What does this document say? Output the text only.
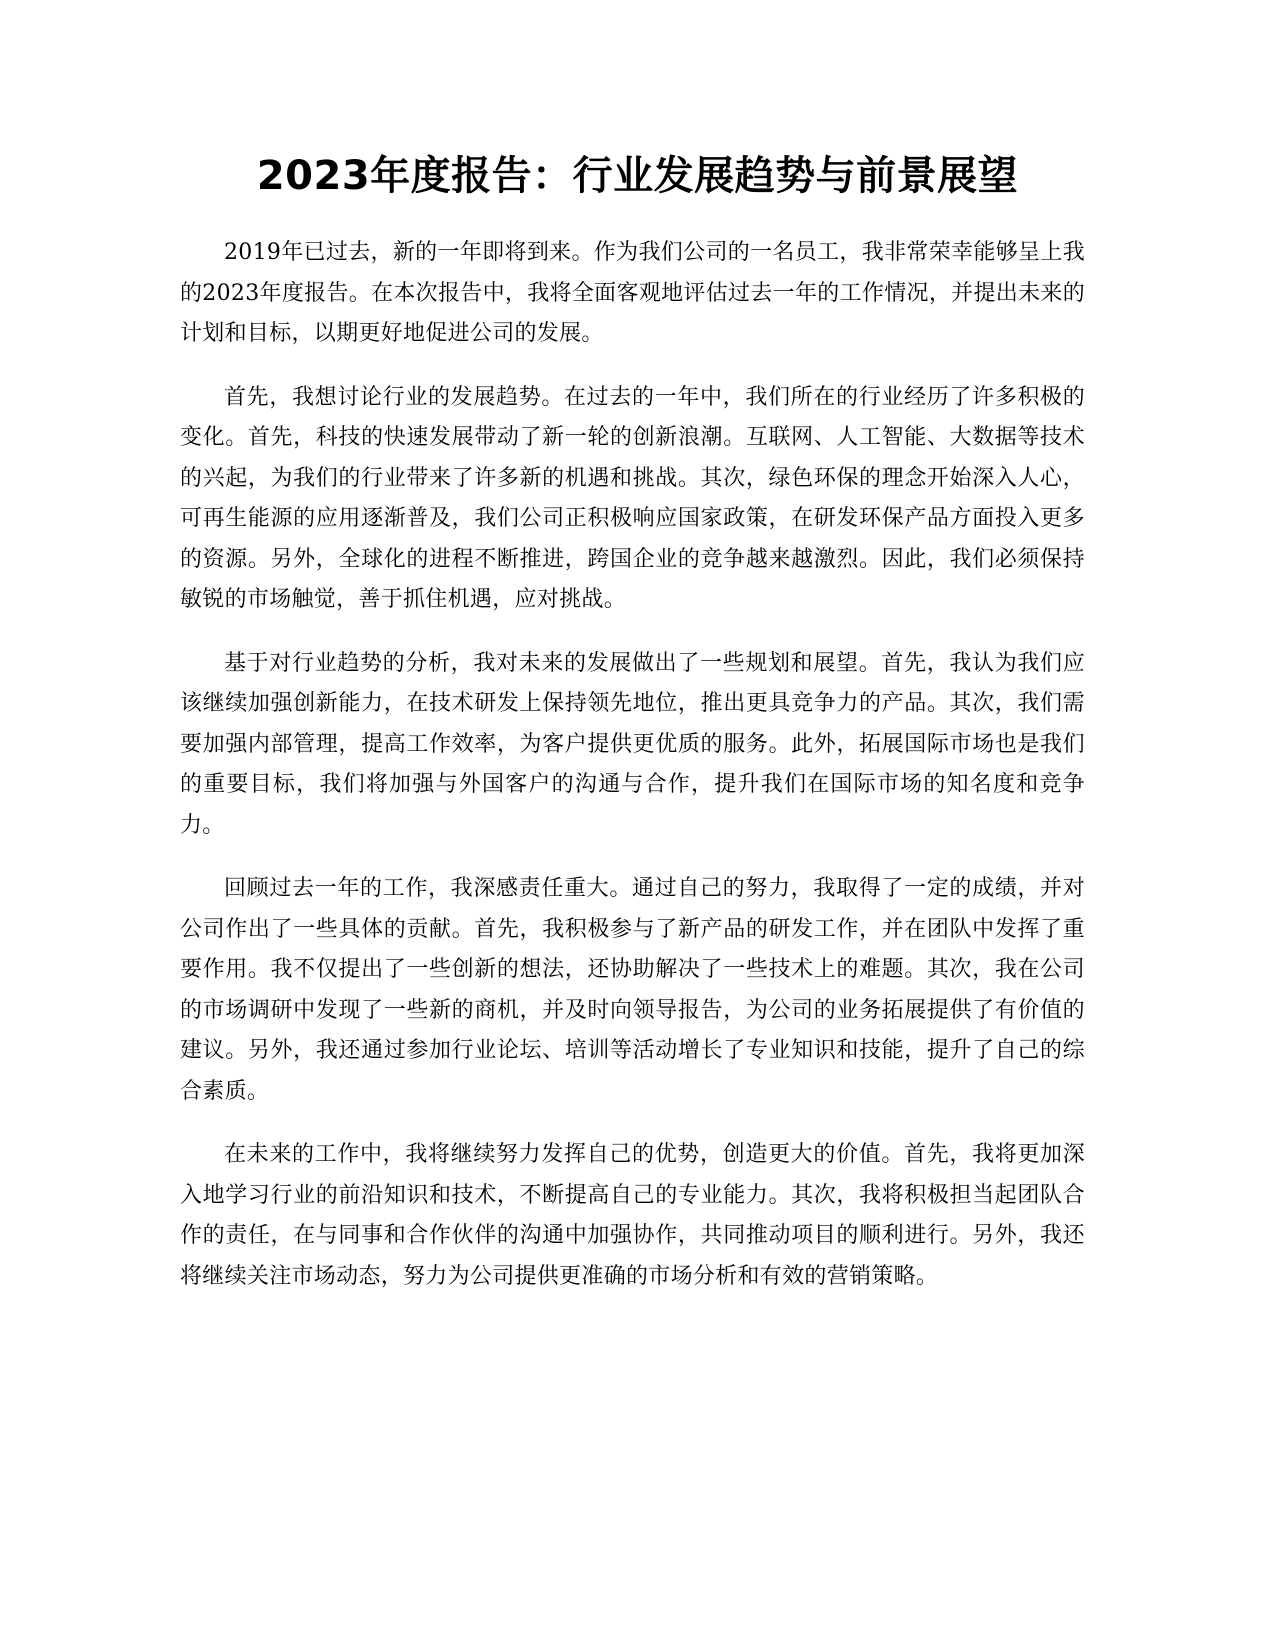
2023年度报告：行业发展趋势与前景展望

2019年已过去，新的一年即将到来。作为我们公司的一名员工，我非常荣幸能够呈上我的2023年度报告。在本次报告中，我将全面客观地评估过去一年的工作情况，并提出未来的计划和目标，以期更好地促进公司的发展。

首先，我想讨论行业的发展趋势。在过去的一年中，我们所在的行业经历了许多积极的变化。首先，科技的快速发展带动了新一轮的创新浪潮。互联网、人工智能、大数据等技术的兴起，为我们的行业带来了许多新的机遇和挑战。其次，绿色环保的理念开始深入人心，可再生能源的应用逐渐普及，我们公司正积极响应国家政策，在研发环保产品方面投入更多的资源。另外，全球化的进程不断推进，跨国企业的竞争越来越激烈。因此，我们必须保持敏锐的市场触觉，善于抓住机遇，应对挑战。

基于对行业趋势的分析，我对未来的发展做出了一些规划和展望。首先，我认为我们应该继续加强创新能力，在技术研发上保持领先地位，推出更具竞争力的产品。其次，我们需要加强内部管理，提高工作效率，为客户提供更优质的服务。此外，拓展国际市场也是我们的重要目标，我们将加强与外国客户的沟通与合作，提升我们在国际市场的知名度和竞争力。

回顾过去一年的工作，我深感责任重大。通过自己的努力，我取得了一定的成绩，并对公司作出了一些具体的贡献。首先，我积极参与了新产品的研发工作，并在团队中发挥了重要作用。我不仅提出了一些创新的想法，还协助解决了一些技术上的难题。其次，我在公司的市场调研中发现了一些新的商机，并及时向领导报告，为公司的业务拓展提供了有价值的建议。另外，我还通过参加行业论坛、培训等活动增长了专业知识和技能，提升了自己的综合素质。

在未来的工作中，我将继续努力发挥自己的优势，创造更大的价值。首先，我将更加深入地学习行业的前沿知识和技术，不断提高自己的专业能力。其次，我将积极担当起团队合作的责任，在与同事和合作伙伴的沟通中加强协作，共同推动项目的顺利进行。另外，我还将继续关注市场动态，努力为公司提供更准确的市场分析和有效的营销策略。
